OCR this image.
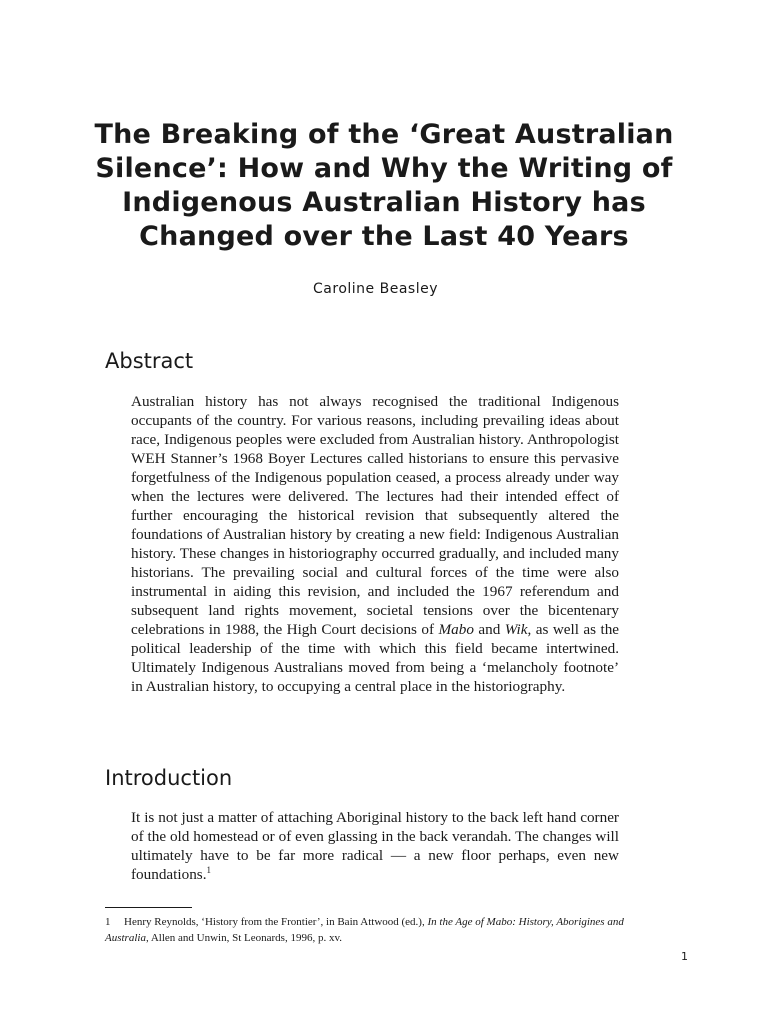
The Breaking of the ‘Great Australian Silence’: How and Why the Writing of Indigenous Australian History has Changed over the Last 40 Years
Caroline Beasley
Abstract
Australian history has not always recognised the traditional Indigenous occupants of the country. For various reasons, including prevailing ideas about race, Indigenous peoples were excluded from Australian history. Anthropologist WEH Stanner’s 1968 Boyer Lectures called historians to ensure this pervasive forgetfulness of the Indigenous population ceased, a process already under way when the lectures were delivered. The lectures had their intended effect of further encouraging the historical revision that subsequently altered the foundations of Australian history by creating a new field: Indigenous Australian history. These changes in historiography occurred gradually, and included many historians. The prevailing social and cultural forces of the time were also instrumental in aiding this revision, and included the 1967 referendum and subsequent land rights movement, societal tensions over the bicentenary celebrations in 1988, the High Court decisions of Mabo and Wik, as well as the political leadership of the time with which this field became intertwined. Ultimately Indigenous Australians moved from being a ‘melancholy footnote’ in Australian history, to occupying a central place in the historiography.
Introduction
It is not just a matter of attaching Aboriginal history to the back left hand corner of the old homestead or of even glassing in the back verandah. The changes will ultimately have to be far more radical — a new floor perhaps, even new foundations.$^1$
1 Henry Reynolds, ‘History from the Frontier’, in Bain Attwood (ed.), In the Age of Mabo: History, Aborigines and Australia, Allen and Unwin, St Leonards, 1996, p. xv.
1
